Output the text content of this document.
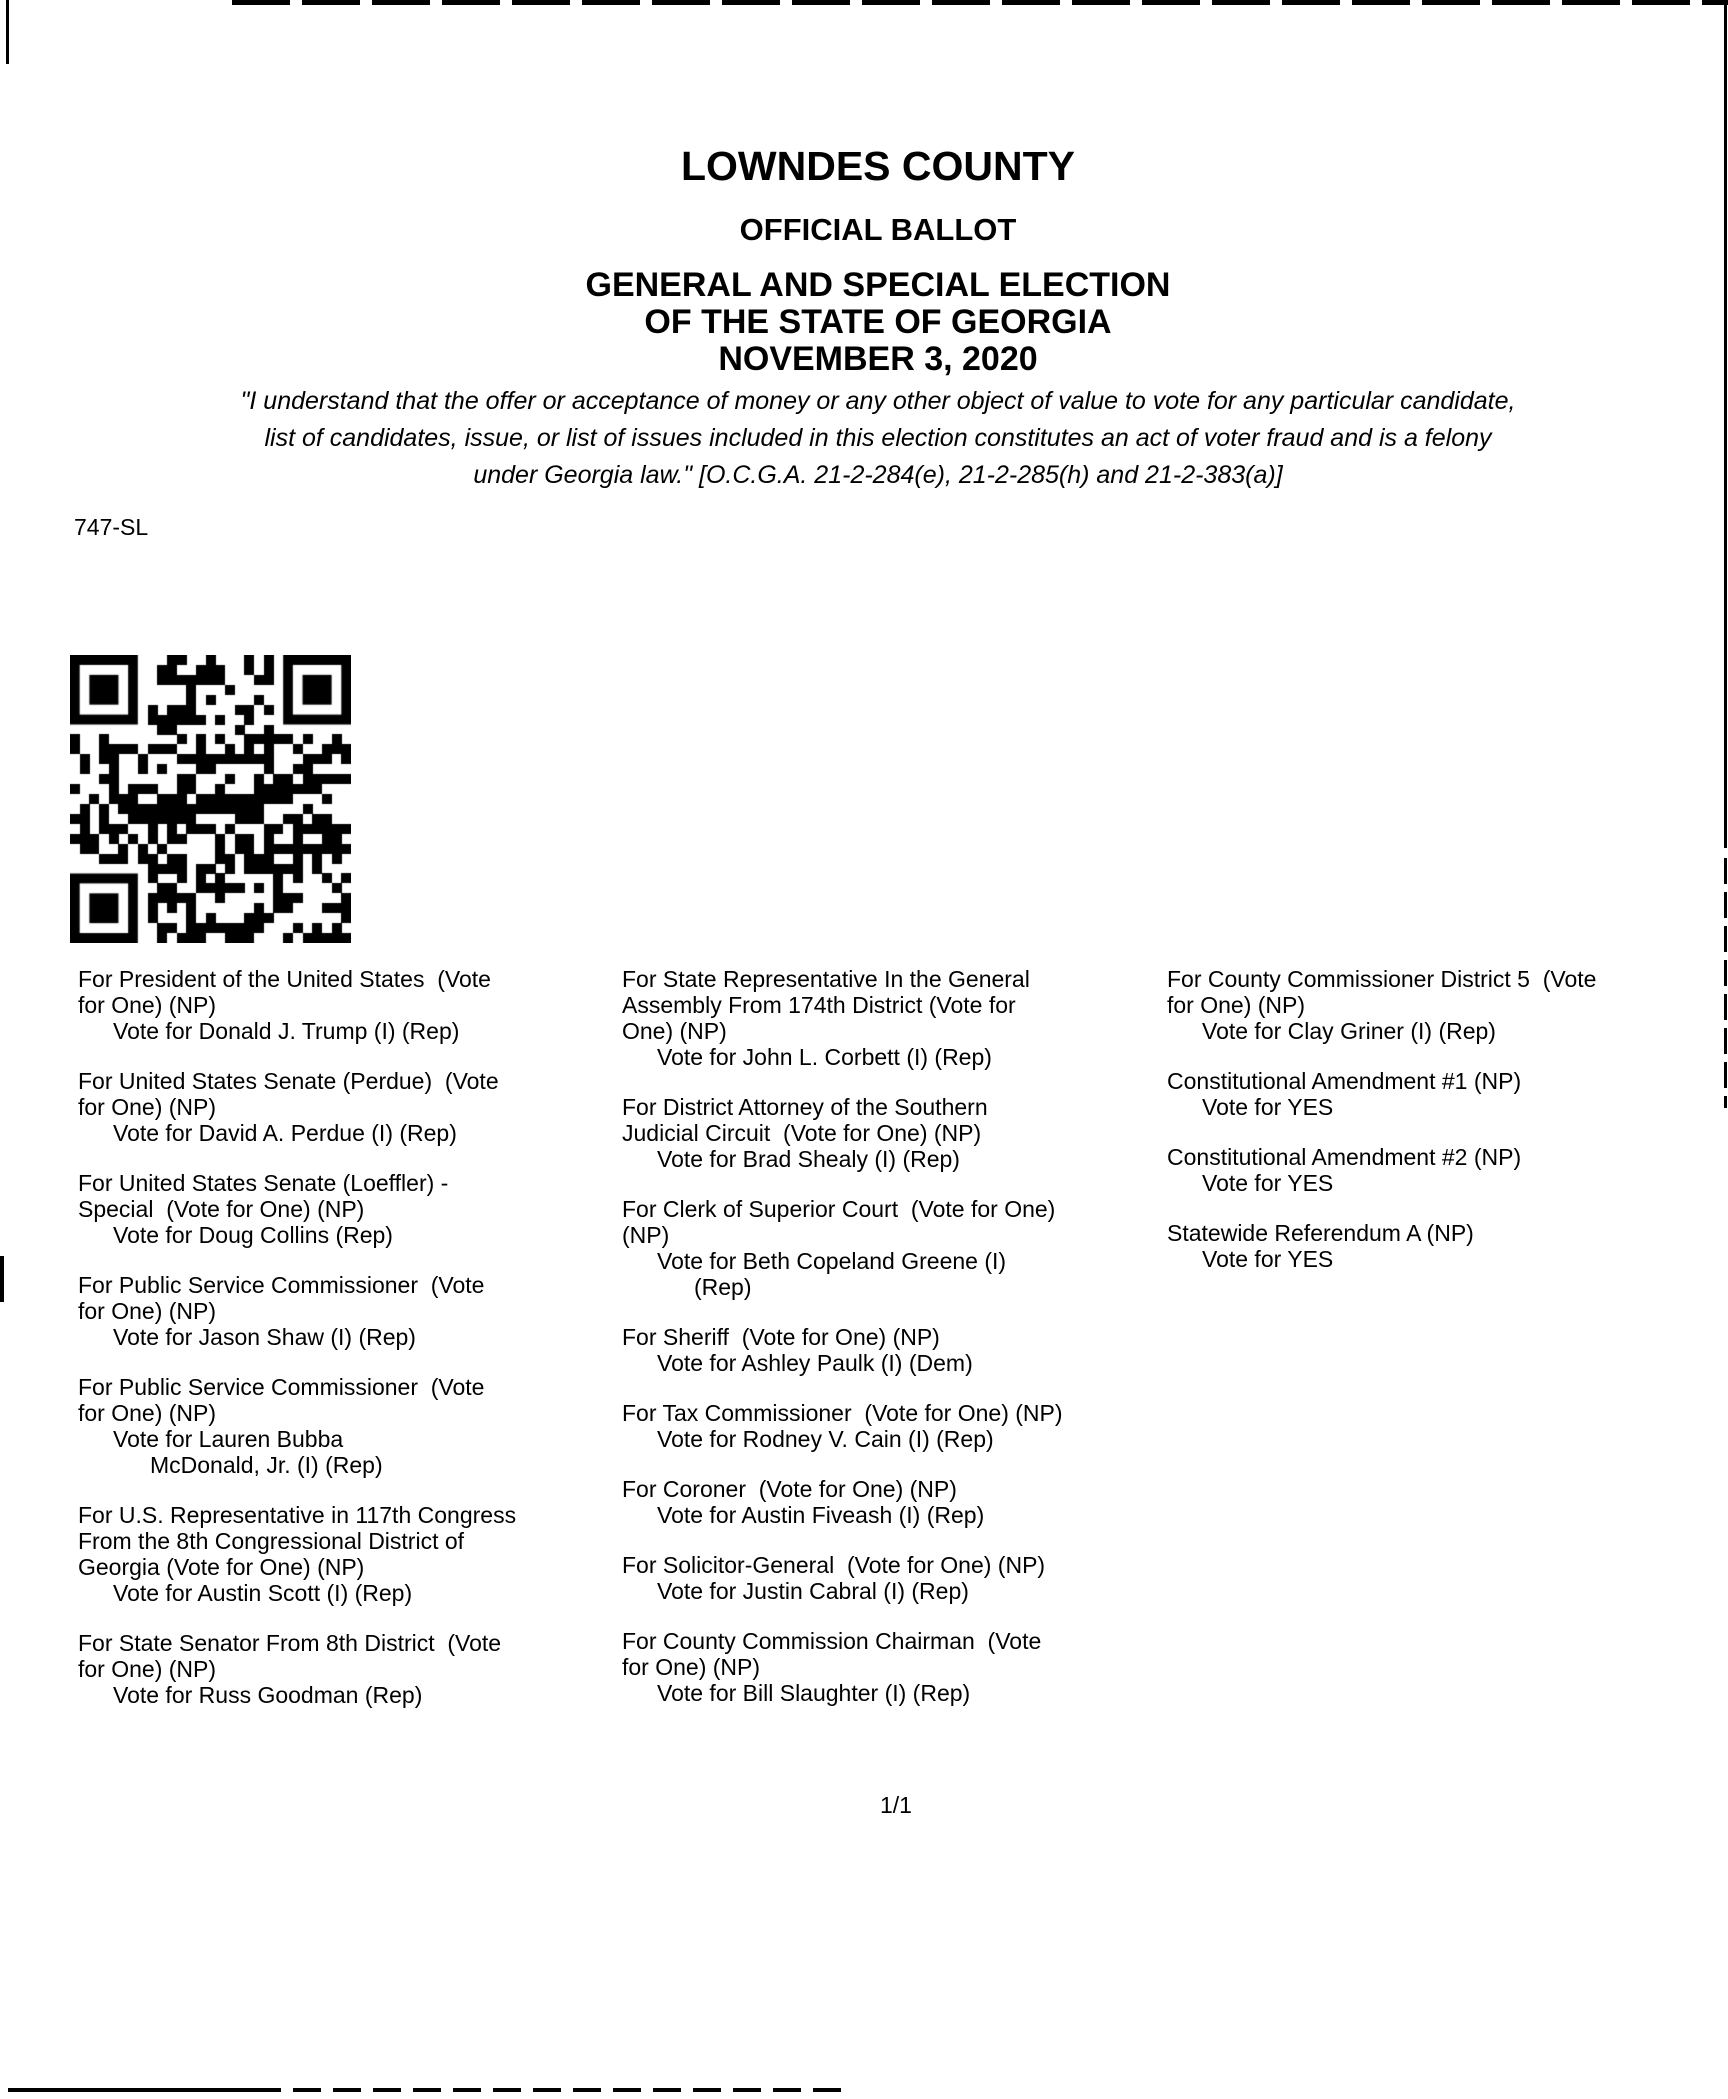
LOWNDES COUNTY
OFFICIAL BALLOT
GENERAL AND SPECIAL ELECTION
OF THE STATE OF GEORGIA
NOVEMBER 3, 2020
"I understand that the offer or acceptance of money or any other object of value to vote for any particular candidate,
list of candidates, issue, or list of issues included in this election constitutes an act of voter fraud and is a felony
under Georgia law." [O.C.G.A. 21-2-284(e), 21-2-285(h) and 21-2-383(a)]
747-SL
For President of the United States  (Vote
for One) (NP)
Vote for Donald J. Trump (I) (Rep)
For United States Senate (Perdue)  (Vote
for One) (NP)
Vote for David A. Perdue (I) (Rep)
For United States Senate (Loeffler) -
Special  (Vote for One) (NP)
Vote for Doug Collins (Rep)
For Public Service Commissioner  (Vote
for One) (NP)
Vote for Jason Shaw (I) (Rep)
For Public Service Commissioner  (Vote
for One) (NP)
Vote for Lauren Bubba
McDonald, Jr. (I) (Rep)
For U.S. Representative in 117th Congress
From the 8th Congressional District of
Georgia (Vote for One) (NP)
Vote for Austin Scott (I) (Rep)
For State Senator From 8th District  (Vote
for One) (NP)
Vote for Russ Goodman (Rep)
For State Representative In the General
Assembly From 174th District (Vote for
One) (NP)
Vote for John L. Corbett (I) (Rep)
For District Attorney of the Southern
Judicial Circuit  (Vote for One) (NP)
Vote for Brad Shealy (I) (Rep)
For Clerk of Superior Court  (Vote for One)
(NP)
Vote for Beth Copeland Greene (I)
(Rep)
For Sheriff  (Vote for One) (NP)
Vote for Ashley Paulk (I) (Dem)
For Tax Commissioner  (Vote for One) (NP)
Vote for Rodney V. Cain (I) (Rep)
For Coroner  (Vote for One) (NP)
Vote for Austin Fiveash (I) (Rep)
For Solicitor-General  (Vote for One) (NP)
Vote for Justin Cabral (I) (Rep)
For County Commission Chairman  (Vote
for One) (NP)
Vote for Bill Slaughter (I) (Rep)
For County Commissioner District 5  (Vote
for One) (NP)
Vote for Clay Griner (I) (Rep)
Constitutional Amendment #1 (NP)
Vote for YES
Constitutional Amendment #2 (NP)
Vote for YES
Statewide Referendum A (NP)
Vote for YES
1/1
